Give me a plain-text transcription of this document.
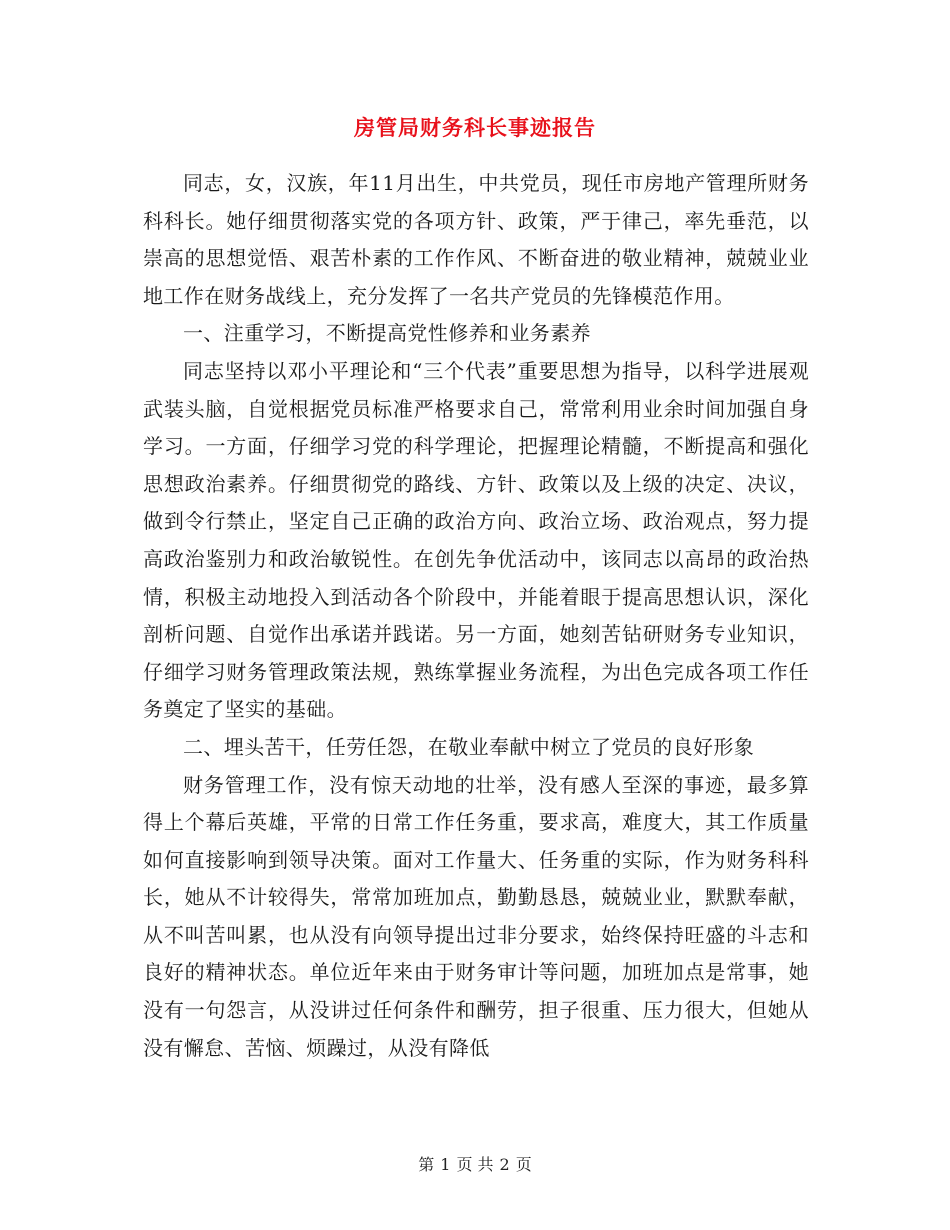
房管局财务科长事迹报告

同志，女，汉族，年11月出生，中共党员，现任市房地产管理所财务科科长。她仔细贯彻落实党的各项方针、政策，严于律己，率先垂范，以崇高的思想觉悟、艰苦朴素的工作作风、不断奋进的敬业精神，兢兢业业地工作在财务战线上，充分发挥了一名共产党员的先锋模范作用。

一、注重学习，不断提高党性修养和业务素养

同志坚持以邓小平理论和“三个代表”重要思想为指导，以科学进展观武装头脑，自觉根据党员标准严格要求自己，常常利用业余时间加强自身学习。一方面，仔细学习党的科学理论，把握理论精髓，不断提高和强化思想政治素养。仔细贯彻党的路线、方针、政策以及上级的决定、决议，做到令行禁止，坚定自己正确的政治方向、政治立场、政治观点，努力提高政治鉴别力和政治敏锐性。在创先争优活动中，该同志以高昂的政治热情，积极主动地投入到活动各个阶段中，并能着眼于提高思想认识，深化剖析问题、自觉作出承诺并践诺。另一方面，她刻苦钻研财务专业知识，仔细学习财务管理政策法规，熟练掌握业务流程，为出色完成各项工作任务奠定了坚实的基础。

二、埋头苦干，任劳任怨，在敬业奉献中树立了党员的良好形象

财务管理工作，没有惊天动地的壮举，没有感人至深的事迹，最多算得上个幕后英雄，平常的日常工作任务重，要求高，难度大，其工作质量如何直接影响到领导决策。面对工作量大、任务重的实际，作为财务科科长，她从不计较得失，常常加班加点，勤勤恳恳，兢兢业业，默默奉献，从不叫苦叫累，也从没有向领导提出过非分要求，始终保持旺盛的斗志和良好的精神状态。单位近年来由于财务审计等问题，加班加点是常事，她没有一句怨言，从没讲过任何条件和酬劳，担子很重、压力很大，但她从没有懈怠、苦恼、烦躁过，从没有降低

第 1 页 共 2 页
